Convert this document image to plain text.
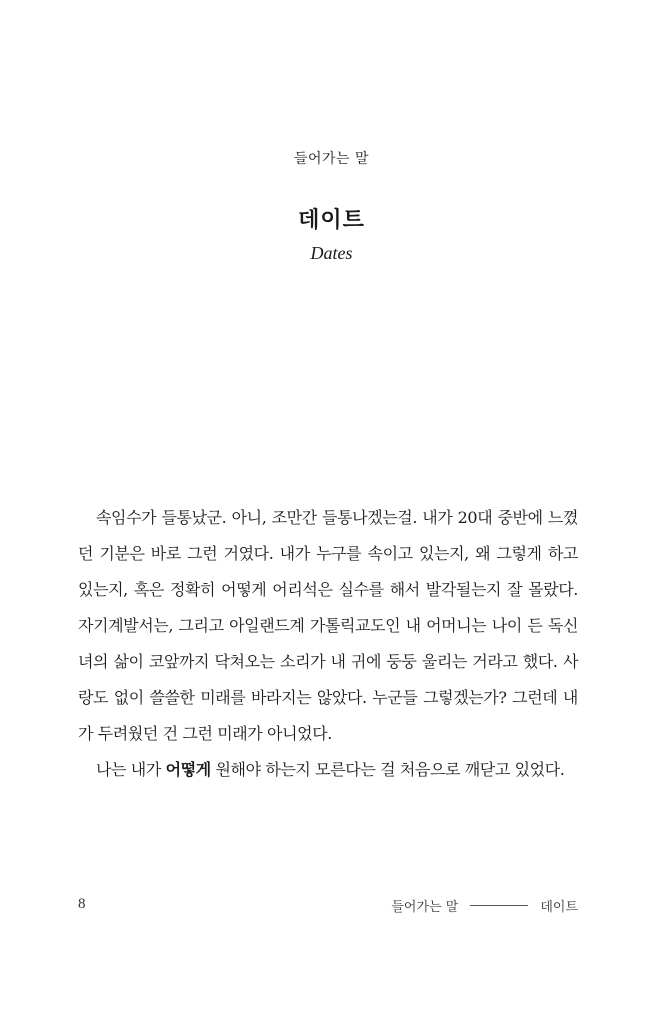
들어가는 말
데이트
Dates

속임수가 들통났군. 아니, 조만간 들통나겠는걸. 내가 20대 중반에 느꼈던 기분은 바로 그런 거였다. 내가 누구를 속이고 있는지, 왜 그렇게 하고 있는지, 혹은 정확히 어떻게 어리석은 실수를 해서 발각될는지 잘 몰랐다. 자기계발서는, 그리고 아일랜드계 가톨릭교도인 내 어머니는 나이 든 독신녀의 삶이 코앞까지 닥쳐오는 소리가 내 귀에 둥둥 울리는 거라고 했다. 사랑도 없이 쓸쓸한 미래를 바라지는 않았다. 누군들 그렇겠는가? 그런데 내가 두려웠던 건 그런 미래가 아니었다.

나는 내가 어떻게 원해야 하는지 모른다는 걸 처음으로 깨닫고 있었다.

8	들어가는 말	데이트
